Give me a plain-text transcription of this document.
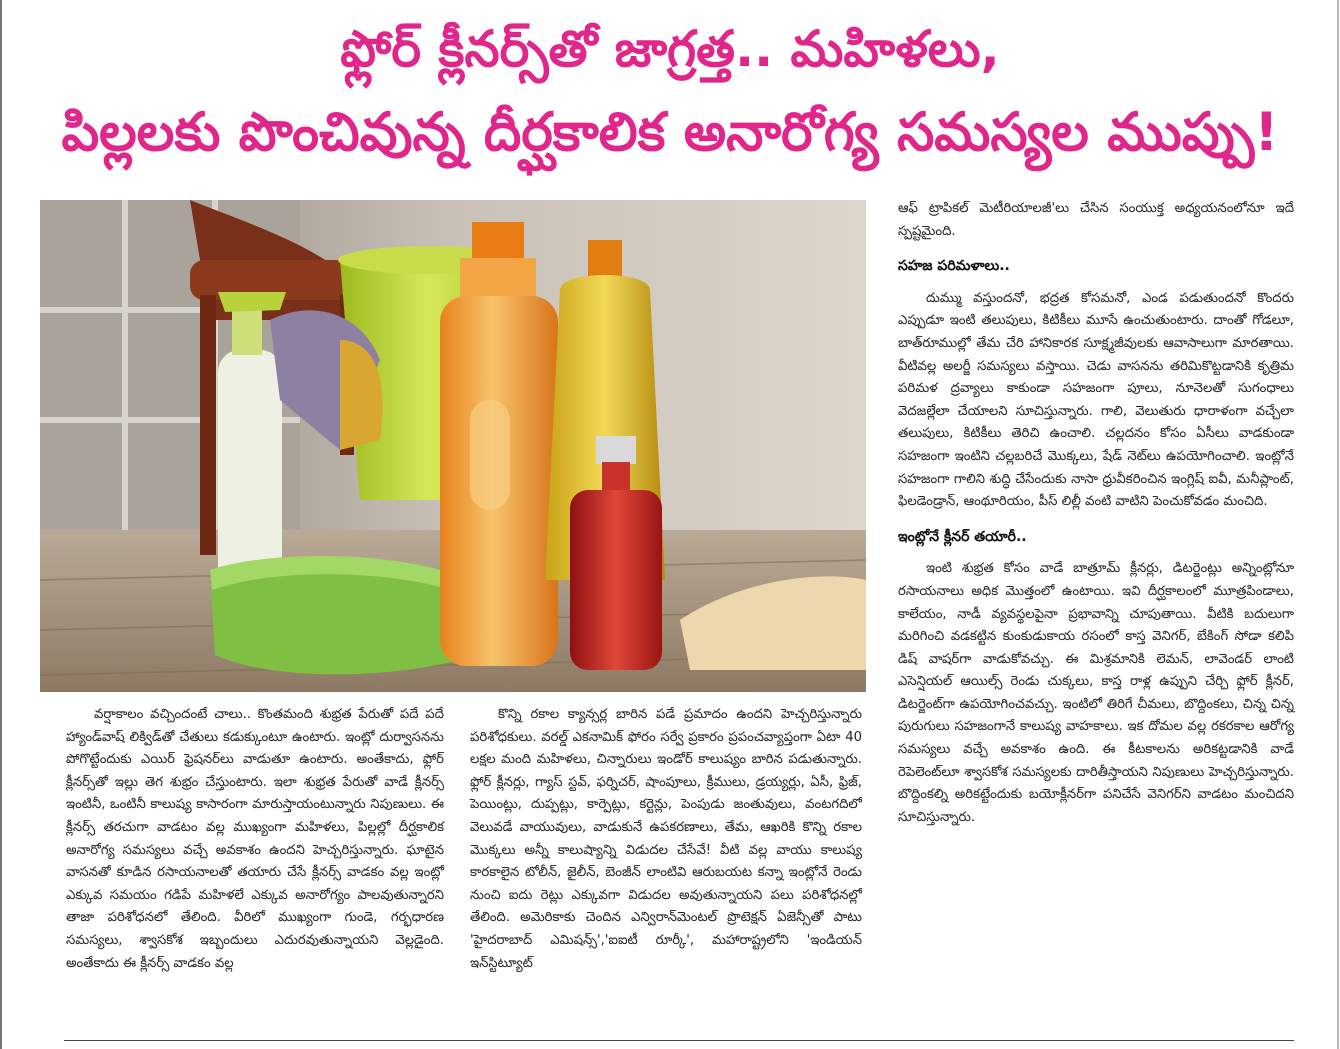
ఫ్లోర్ క్లీనర్స్‌తో జాగ్రత్త.. మహిళలు,
పిల్లలకు పొంచివున్న దీర్ఘకాలిక అనారోగ్య సమస్యల ముప్పు!

వర్షాకాలం వచ్చిందంటే చాలు.. కొంతమంది శుభ్రత పేరుతో పదే పదే హ్యాండ్‌వాష్ లిక్విడ్‌తో చేతులు కడుక్కుంటూ ఉంటారు. ఇంట్లో దుర్వాసనను పోగొట్టేందుకు ఎయిర్ ఫ్రెషనర్‌లు వాడుతూ ఉంటారు. అంతేకాదు, ఫ్లోర్ క్లీనర్స్‌తో ఇల్లు తెగ శుభ్రం చేస్తుంటారు. ఇలా శుభ్రత పేరుతో వాడే క్లీనర్స్ ఇంటినీ, ఒంటినీ కాలుష్య కాసారంగా మారుస్తాయంటున్నారు నిపుణులు. ఈ క్లీనర్స్ తరచుగా వాడటం వల్ల ముఖ్యంగా మహిళలు, పిల్లల్లో దీర్ఘకాలిక అనారోగ్య సమస్యలు వచ్చే అవకాశం ఉందని హెచ్చరిస్తున్నారు. ఘాటైన వాసనతో కూడిన రసాయనాలతో తయారు చేసే క్లీనర్స్ వాడకం వల్ల ఇంట్లో ఎక్కువ సమయం గడిపే మహిళలే ఎక్కువ అనారోగ్యం పాలవుతున్నారని తాజా పరిశోధనలో తేలింది. వీరిలో ముఖ్యంగా గుండె, గర్భధారణ సమస్యలు, శ్వాసకోశ ఇబ్బందులు ఎదురవుతున్నాయని వెల్లడైంది. అంతేకాదు ఈ క్లీనర్స్ వాడకం వల్ల

కొన్ని రకాల క్యాన్సర్ల బారిన పడే ప్రమాదం ఉందని హెచ్చరిస్తున్నారు పరిశోధకులు. వరల్డ్ ఎకనామిక్ ఫోరం సర్వే ప్రకారం ప్రపంచవ్యాప్తంగా ఏటా 40 లక్షల మంది మహిళలు, చిన్నారులు ఇండోర్ కాలుష్యం బారిన పడుతున్నారు. ఫ్లోర్ క్లీనర్లు, గ్యాస్ స్టవ్, ఫర్నిచర్, షాంపూలు, క్రీములు, డ్రయ్యర్లు, ఏసీ, ఫ్రిజ్, పెయింట్లు, దుప్పట్లు, కార్పెట్లు, కర్టెన్లు, పెంపుడు జంతువులు, వంటగదిలో వెలువడే వాయువులు, వాడుకునే ఉపకరణాలు, తేమ, ఆఖరికి కొన్ని రకాల మొక్కలు అన్నీ కాలుష్యాన్ని విడుదల చేసేవే! వీటి వల్ల వాయు కాలుష్య కారకాలైన టోలీన్, జైలీన్, బెంజీన్ లాంటివి ఆరుబయట కన్నా ఇంట్లోనే రెండు నుంచి ఐదు రెట్లు ఎక్కువగా విడుదల అవుతున్నాయని పలు పరిశోధనల్లో తేలింది. అమెరికాకు చెందిన ఎన్విరాన్‌మెంటల్ ప్రొటెక్షన్ ఏజెన్సీతో పాటు 'హైదరాబాద్ ఎమిషన్స్','ఐఐటీ రూర్కీ', మహారాష్ట్రలోని 'ఇండియన్ ఇన్‌స్టిట్యూట్

ఆఫ్ ట్రాపికల్ మెటీరియాలజీ'లు చేసిన సంయుక్త అధ్యయనంలోనూ ఇదే స్పష్టమైంది.

సహజ పరిమళాలు..

దుమ్ము వస్తుందనో, భద్రత కోసమనో, ఎండ పడుతుందనో కొందరు ఎప్పుడూ ఇంటి తలుపులు, కిటికీలు మూసే ఉంచుతుంటారు. దాంతో గోడలూ, బాత్‌రూముల్లో తేమ చేరి హానికారక సూక్ష్మజీవులకు ఆవాసాలుగా మారతాయి. వీటివల్ల అలర్జీ సమస్యలు వస్తాయి. చెడు వాసనను తరిమికొట్టడానికి కృత్రిమ పరిమళ ద్రవ్యాలు కాకుండా సహజంగా పూలు, నూనెలతో సుగంధాలు వెదజల్లేలా చేయాలని సూచిస్తున్నారు. గాలి, వెలుతురు ధారాళంగా వచ్చేలా తలుపులు, కిటికీలు తెరిచి ఉంచాలి. చల్లదనం కోసం ఏసీలు వాడకుండా సహజంగా ఇంటిని చల్లబరిచే మొక్కలు, షేడ్ నెట్‌లు ఉపయోగించాలి. ఇంట్లోనే సహజంగా గాలిని శుద్ధి చేసేందుకు నాసా ధ్రువీకరించిన ఇంగ్లిష్ ఐవీ, మనీప్లాంట్, ఫిలడెండ్రాన్, ఆంథూరియం, పీస్ లిల్లీ వంటి వాటిని పెంచుకోవడం మంచిది.

ఇంట్లోనే క్లీనర్ తయారీ..

ఇంటి శుభ్రత కోసం వాడే బాత్రూమ్ క్లీనర్లు, డిటర్జెంట్లు అన్నింట్లోనూ రసాయనాలు అధిక మొత్తంలో ఉంటాయి. ఇవి దీర్ఘకాలంలో మూత్రపిండాలు, కాలేయం, నాడీ వ్యవస్థలపైనా ప్రభావాన్ని చూపుతాయి. వీటికి బదులుగా మరిగించి వడకట్టిన కుంకుడుకాయ రసంలో కాస్త వెనిగర్, బేకింగ్ సోడా కలిపి డిష్ వాషర్‌గా వాడుకోవచ్చు. ఈ మిశ్రమానికి లెమన్, లావెండర్ లాంటి ఎసెన్షియల్ ఆయిల్స్ రెండు చుక్కలు, కాస్త రాళ్ల ఉప్పుని చేర్చి ఫ్లోర్ క్లీనర్, డిటర్జెంట్‌గా ఉపయోగించవచ్చు. ఇంటిలో తిరిగే చీమలు, బొద్దింకలు, చిన్న చిన్న పురుగులు సహజంగానే కాలుష్య వాహకాలు. ఇక దోమల వల్ల రకరకాల ఆరోగ్య సమస్యలు వచ్చే అవకాశం ఉంది. ఈ కీటకాలను అరికట్టడానికి వాడే రెపెలెంట్‌లూ శ్వాసకోశ సమస్యలకు దారితీస్తాయని నిపుణులు హెచ్చరిస్తున్నారు. బొద్దింకల్ని అరికట్టేందుకు బయోక్లీనర్‌గా పనిచేసే వెనిగర్‌ని వాడటం మంచిదని సూచిస్తున్నారు.
